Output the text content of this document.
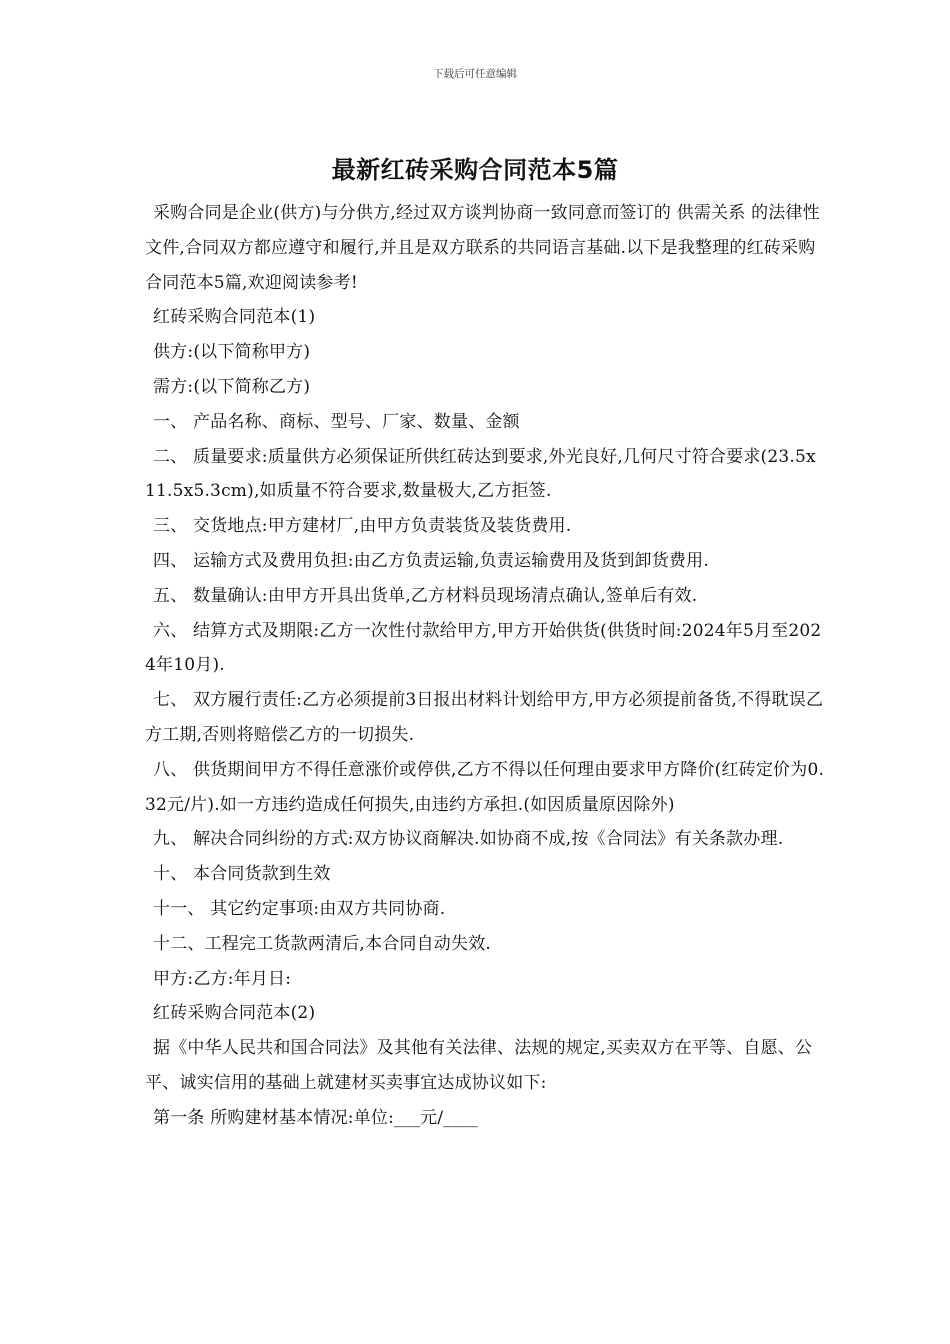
下载后可任意编辑
最新红砖采购合同范本5篇

采购合同是企业(供方)与分供方,经过双方谈判协商一致同意而签订的 供需关系 的法律性文件,合同双方都应遵守和履行,并且是双方联系的共同语言基础.以下是我整理的红砖采购合同范本5篇,欢迎阅读参考!

红砖采购合同范本(1)

供方:(以下简称甲方)

需方:(以下简称乙方)

一、 产品名称、商标、型号、厂家、数量、金额

二、 质量要求:质量供方必须保证所供红砖达到要求,外光良好,几何尺寸符合要求(23.5x11.5x5.3cm),如质量不符合要求,数量极大,乙方拒签.

三、 交货地点:甲方建材厂,由甲方负责装货及装货费用.

四、 运输方式及费用负担:由乙方负责运输,负责运输费用及货到卸货费用.

五、 数量确认:由甲方开具出货单,乙方材料员现场清点确认,签单后有效.

六、 结算方式及期限:乙方一次性付款给甲方,甲方开始供货(供货时间:2024年5月至2024年10月).

七、 双方履行责任:乙方必须提前3日报出材料计划给甲方,甲方必须提前备货,不得耽误乙方工期,否则将赔偿乙方的一切损失.

八、 供货期间甲方不得任意涨价或停供,乙方不得以任何理由要求甲方降价(红砖定价为0.32元/片).如一方违约造成任何损失,由违约方承担.(如因质量原因除外)

九、 解决合同纠纷的方式:双方协议商解决.如协商不成,按《合同法》有关条款办理.

十、 本合同货款到生效

十一、 其它约定事项:由双方共同协商.

十二、工程完工货款两清后,本合同自动失效.

甲方:乙方:年月日:

红砖采购合同范本(2)

据《中华人民共和国合同法》及其他有关法律、法规的规定,买卖双方在平等、自愿、公平、诚实信用的基础上就建材买卖事宜达成协议如下:

第一条 所购建材基本情况:单位:___元/____
